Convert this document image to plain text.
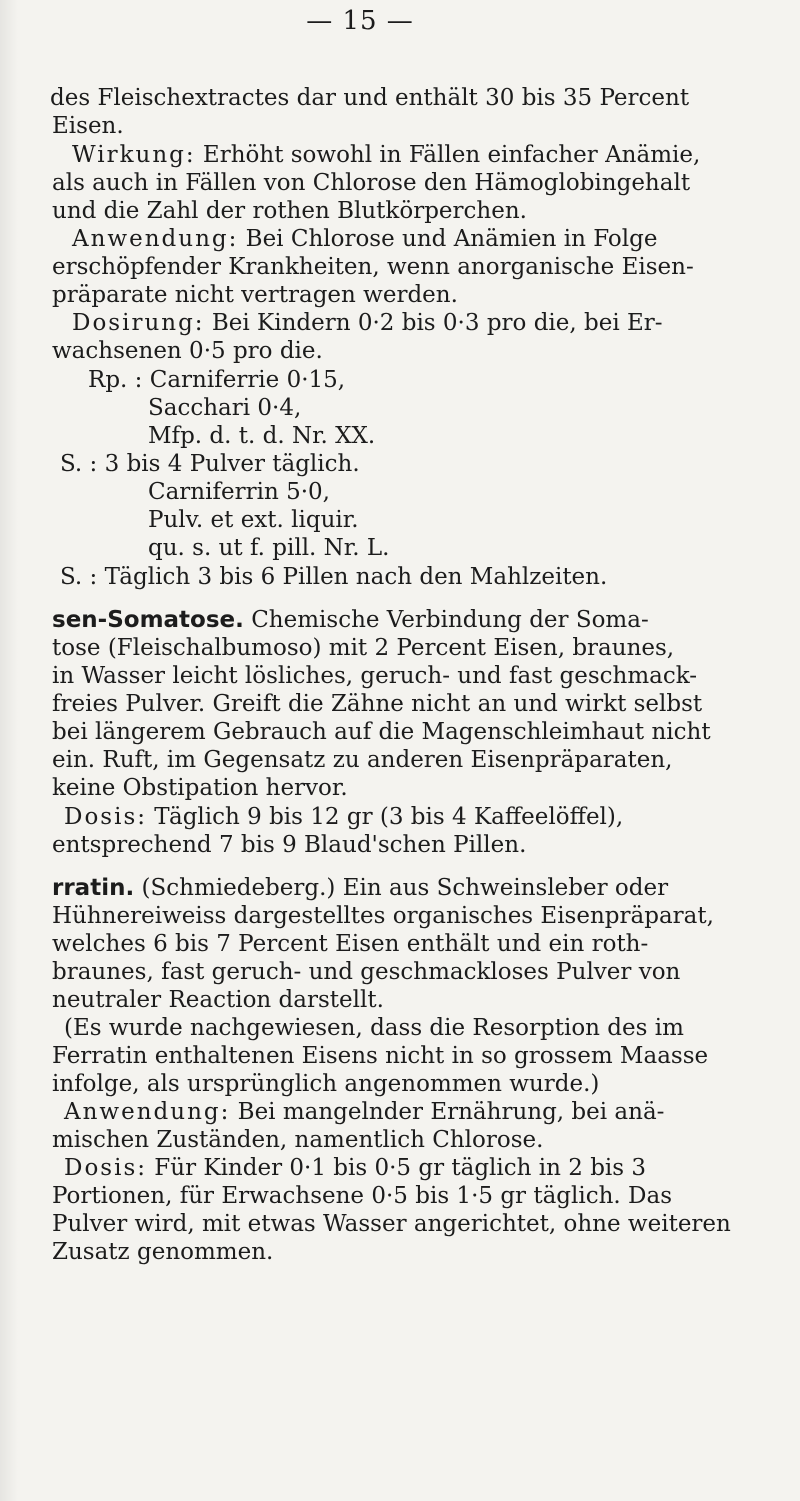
— 15 —
des Fleischextractes dar und enthält 30 bis 35 Percent
Eisen.
Wirkung: Erhöht sowohl in Fällen einfacher Anämie,
als auch in Fällen von Chlorose den Hämoglobingehalt
und die Zahl der rothen Blutkörperchen.
Anwendung: Bei Chlorose und Anämien in Folge
erschöpfender Krankheiten, wenn anorganische Eisen-
präparate nicht vertragen werden.
Dosirung: Bei Kindern 0·2 bis 0·3 pro die, bei Er-
wachsenen 0·5 pro die.
Rp. : Carniferrie 0·15,
Sacchari 0·4,
Mfp. d. t. d. Nr. XX.
S. : 3 bis 4 Pulver täglich.
Carniferrin 5·0,
Pulv. et ext. liquir.
qu. s. ut f. pill. Nr. L.
S. : Täglich 3 bis 6 Pillen nach den Mahlzeiten.
sen-Somatose. Chemische Verbindung der Soma-
tose (Fleischalbumoso) mit 2 Percent Eisen, braunes,
in Wasser leicht lösliches, geruch- und fast geschmack-
freies Pulver. Greift die Zähne nicht an und wirkt selbst
bei längerem Gebrauch auf die Magenschleimhaut nicht
ein. Ruft, im Gegensatz zu anderen Eisenpräparaten,
keine Obstipation hervor.
Dosis: Täglich 9 bis 12 gr (3 bis 4 Kaffeelöffel),
entsprechend 7 bis 9 Blaud'schen Pillen.
rratin. (Schmiedeberg.) Ein aus Schweinsleber oder
Hühnereiweiss dargestelltes organisches Eisenpräparat,
welches 6 bis 7 Percent Eisen enthält und ein roth-
braunes, fast geruch- und geschmackloses Pulver von
neutraler Reaction darstellt.
(Es wurde nachgewiesen, dass die Resorption des im
Ferratin enthaltenen Eisens nicht in so grossem Maasse
infolge, als ursprünglich angenommen wurde.)
Anwendung: Bei mangelnder Ernährung, bei anä-
mischen Zuständen, namentlich Chlorose.
Dosis: Für Kinder 0·1 bis 0·5 gr täglich in 2 bis 3
Portionen, für Erwachsene 0·5 bis 1·5 gr täglich. Das
Pulver wird, mit etwas Wasser angerichtet, ohne weiteren
Zusatz genommen.
